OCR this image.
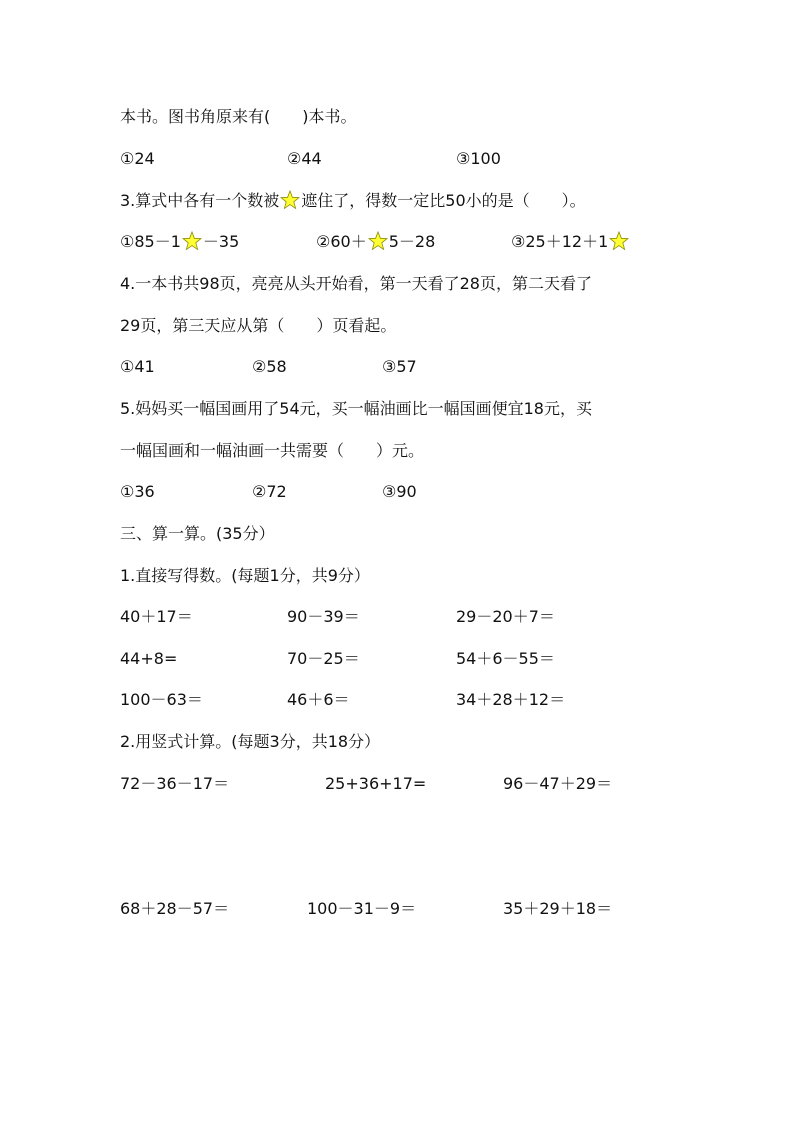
本书。图书角原来有(　　)本书。
①24	②44	③100
3.算式中各有一个数被 遮住了，得数一定比50小的是（　　）。
①85－1 －35	②60＋ 5－28	③25＋12＋1
4.一本书共98页，亮亮从头开始看，第一天看了28页，第二天看了
29页，第三天应从第（　　）页看起。
①41	②58	③57
5.妈妈买一幅国画用了54元，买一幅油画比一幅国画便宜18元，买
一幅国画和一幅油画一共需要（　　）元。
①36	②72	③90
三、算一算。(35分）
1.直接写得数。(每题1分，共9分）
40＋17＝	90－39＝	29－20＋7＝
44+8=	70－25＝	54＋6－55＝
100－63＝	46＋6＝	34＋28＋12＝
2.用竖式计算。(每题3分，共18分）
72－36－17＝	25+36+17=	96－47＋29＝
68＋28－57＝	100－31－9＝	35＋29＋18＝
